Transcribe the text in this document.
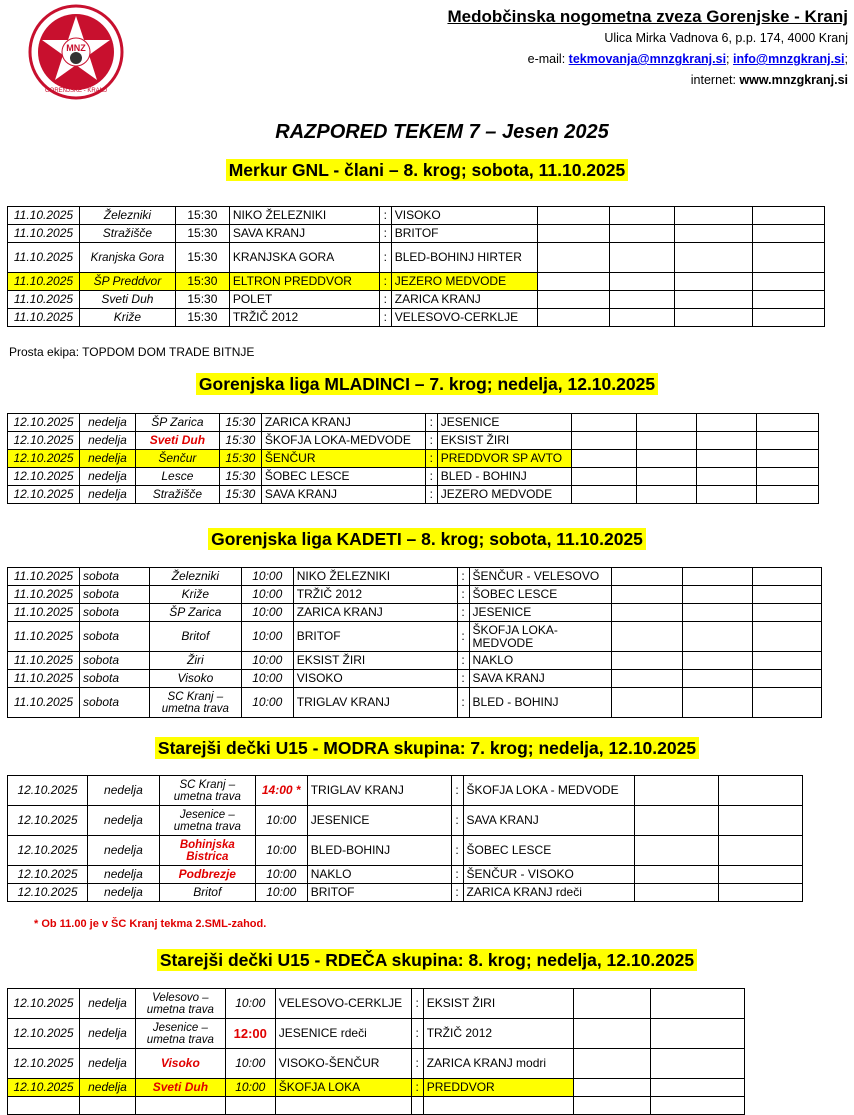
MNZ
GORENJSKE - KRANJ
Medobčinska nogometna zveza Gorenjske - Kranj
Ulica Mirka Vadnova 6, p.p. 174, 4000 Kranj
e-mail: tekmovanja@mnzgkranj.si; info@mnzgkranj.si;
internet: www.mnzgkranj.si
RAZPORED TEKEM 7 – Jesen 2025
Merkur GNL - člani – 8. krog; sobota, 11.10.2025
11.10.2025	Železniki	15:30	NIKO ŽELEZNIKI	:	VISOKO				
11.10.2025	Stražišče	15:30	SAVA KRANJ	:	BRITOF				
11.10.2025	Kranjska Gora	15:30	KRANJSKA GORA	:	BLED-BOHINJ HIRTER				
11.10.2025	ŠP Preddvor	15:30	ELTRON PREDDVOR	:	JEZERO MEDVODE				
11.10.2025	Sveti Duh	15:30	POLET	:	ZARICA KRANJ				
11.10.2025	Križe	15:30	TRŽIČ 2012	:	VELESOVO-CERKLJE				
Prosta ekipa: TOPDOM DOM TRADE BITNJE
Gorenjska liga MLADINCI – 7. krog; nedelja, 12.10.2025
12.10.2025	nedelja	ŠP Zarica	15:30	ZARICA KRANJ	:	JESENICE				
12.10.2025	nedelja	Sveti Duh	15:30	ŠKOFJA LOKA-MEDVODE	:	EKSIST ŽIRI				
12.10.2025	nedelja	Šenčur	15:30	ŠENČUR	:	PREDDVOR SP AVTO				
12.10.2025	nedelja	Lesce	15:30	ŠOBEC LESCE	:	BLED - BOHINJ				
12.10.2025	nedelja	Stražišče	15:30	SAVA KRANJ	:	JEZERO MEDVODE				
Gorenjska liga KADETI – 8. krog; sobota, 11.10.2025
11.10.2025	sobota	Železniki	10:00	NIKO ŽELEZNIKI	:	ŠENČUR - VELESOVO			
11.10.2025	sobota	Križe	10:00	TRŽIČ 2012	:	ŠOBEC LESCE			
11.10.2025	sobota	ŠP Zarica	10:00	ZARICA KRANJ	:	JESENICE			
11.10.2025	sobota	Britof	10:00	BRITOF	:	ŠKOFJA LOKA-MEDVODE			
11.10.2025	sobota	Žiri	10:00	EKSIST ŽIRI	:	NAKLO			
11.10.2025	sobota	Visoko	10:00	VISOKO	:	SAVA KRANJ			
11.10.2025	sobota	SC Kranj – umetna trava	10:00	TRIGLAV KRANJ	:	BLED - BOHINJ			
Starejši dečki U15 - MODRA skupina: 7. krog; nedelja, 12.10.2025
12.10.2025	nedelja	SC Kranj – umetna trava	14:00 *	TRIGLAV KRANJ	:	ŠKOFJA LOKA - MEDVODE		
12.10.2025	nedelja	Jesenice – umetna trava	10:00	JESENICE	:	SAVA KRANJ		
12.10.2025	nedelja	Bohinjska Bistrica	10:00	BLED-BOHINJ	:	ŠOBEC LESCE		
12.10.2025	nedelja	Podbrezje	10:00	NAKLO	:	ŠENČUR - VISOKO		
12.10.2025	nedelja	Britof	10:00	BRITOF	:	ZARICA KRANJ rdeči		
* Ob 11.00 je v ŠC Kranj tekma 2.SML-zahod.
Starejši dečki U15 - RDEČA skupina: 8. krog; nedelja, 12.10.2025
12.10.2025	nedelja	Velesovo – umetna trava	10:00	VELESOVO-CERKLJE	:	EKSIST ŽIRI		
12.10.2025	nedelja	Jesenice – umetna trava	12:00	JESENICE rdeči	:	TRŽIČ 2012		
12.10.2025	nedelja	Visoko	10:00	VISOKO-ŠENČUR	:	ZARICA KRANJ modri		
12.10.2025	nedelja	Sveti Duh	10:00	ŠKOFJA LOKA	:	PREDDVOR		
